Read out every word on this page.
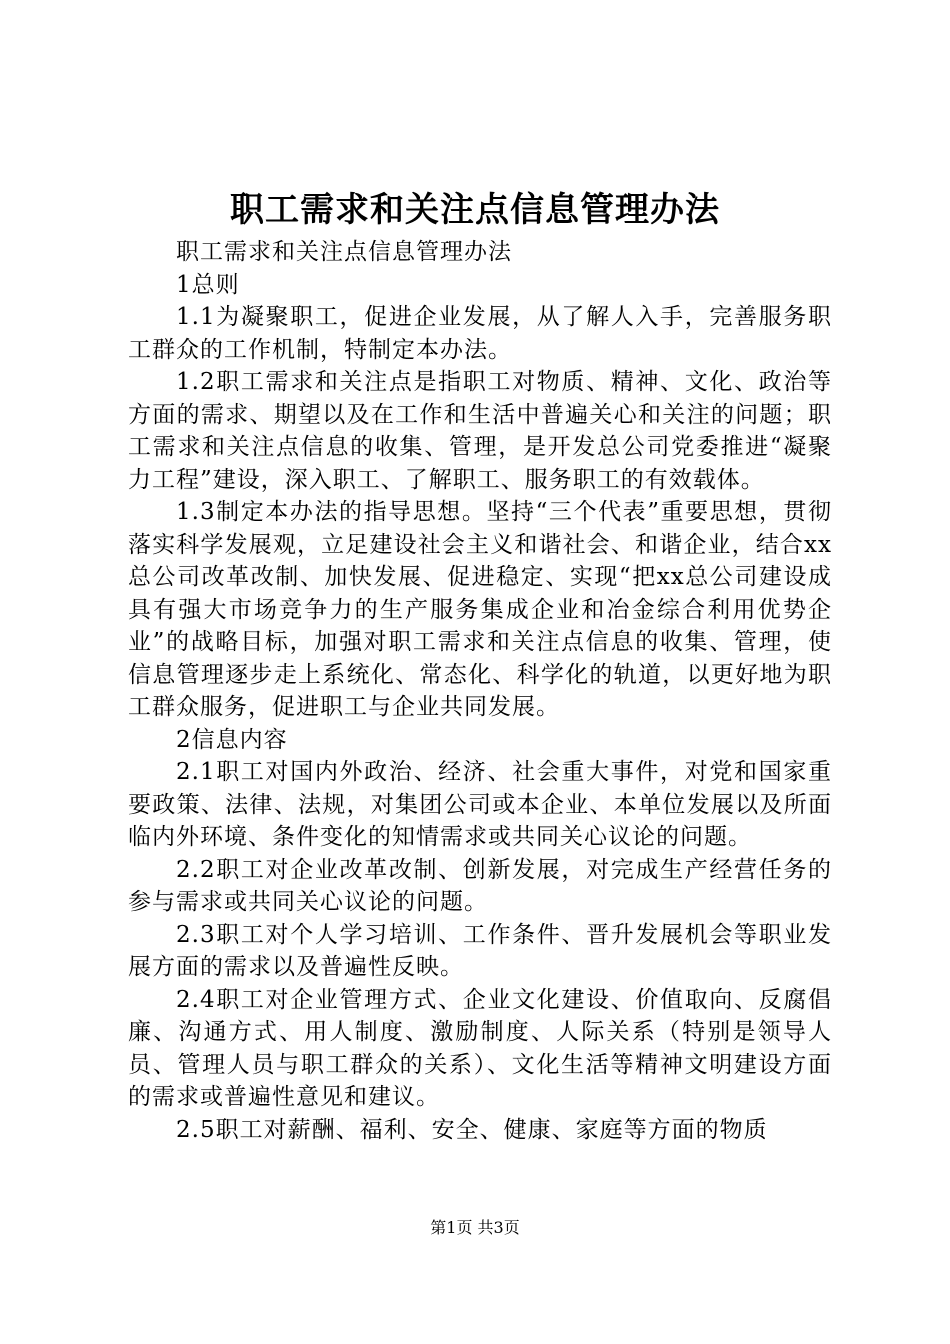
职工需求和关注点信息管理办法

职工需求和关注点信息管理办法

1总则

1.1为凝聚职工，促进企业发展，从了解人入手，完善服务职工群众的工作机制，特制定本办法。

1.2职工需求和关注点是指职工对物质、精神、文化、政治等方面的需求、期望以及在工作和生活中普遍关心和关注的问题；职工需求和关注点信息的收集、管理，是开发总公司党委推进“凝聚力工程”建设，深入职工、了解职工、服务职工的有效载体。

1.3制定本办法的指导思想。坚持“三个代表”重要思想，贯彻落实科学发展观，立足建设社会主义和谐社会、和谐企业，结合xx总公司改革改制、加快发展、促进稳定、实现“把xx总公司建设成具有强大市场竞争力的生产服务集成企业和冶金综合利用优势企业”的战略目标，加强对职工需求和关注点信息的收集、管理，使信息管理逐步走上系统化、常态化、科学化的轨道，以更好地为职工群众服务，促进职工与企业共同发展。

2信息内容

2.1职工对国内外政治、经济、社会重大事件，对党和国家重要政策、法律、法规，对集团公司或本企业、本单位发展以及所面临内外环境、条件变化的知情需求或共同关心议论的问题。

2.2职工对企业改革改制、创新发展，对完成生产经营任务的参与需求或共同关心议论的问题。

2.3职工对个人学习培训、工作条件、晋升发展机会等职业发展方面的需求以及普遍性反映。

2.4职工对企业管理方式、企业文化建设、价值取向、反腐倡廉、沟通方式、用人制度、激励制度、人际关系（特别是领导人员、管理人员与职工群众的关系）、文化生活等精神文明建设方面的需求或普遍性意见和建议。

2.5职工对薪酬、福利、安全、健康、家庭等方面的物质

第1页 共3页
